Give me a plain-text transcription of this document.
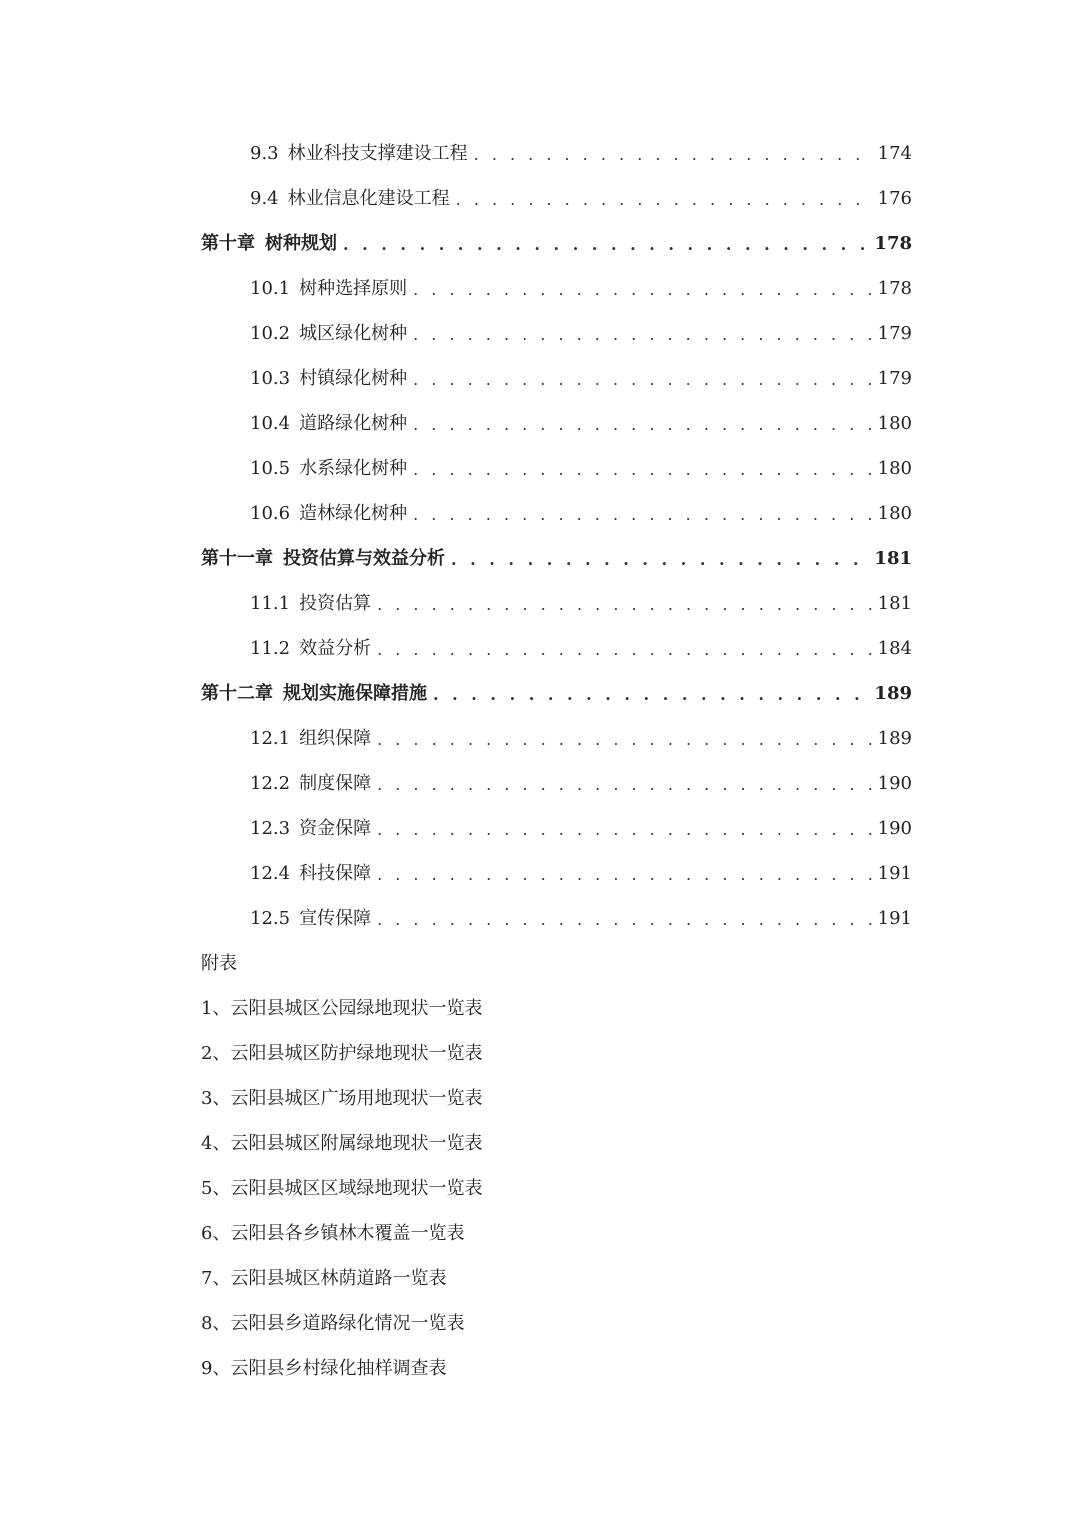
9.3 林业科技支撑建设工程 . . .	174
9.4 林业信息化建设工程 . . .	176
第十章 树种规划 . . .	178
10.1 树种选择原则 . . .	178
10.2 城区绿化树种 . . .	179
10.3 村镇绿化树种 . . .	179
10.4 道路绿化树种 . . .	180
10.5 水系绿化树种 . . .	180
10.6 造林绿化树种 . . .	180
第十一章 投资估算与效益分析 . . .	181
11.1 投资估算 . . .	181
11.2 效益分析 . . .	184
第十二章 规划实施保障措施 . . .	189
12.1 组织保障 . . .	189
12.2 制度保障 . . .	190
12.3 资金保障 . . .	190
12.4 科技保障 . . .	191
12.5 宣传保障 . . .	191
附表
1、云阳县城区公园绿地现状一览表
2、云阳县城区防护绿地现状一览表
3、云阳县城区广场用地现状一览表
4、云阳县城区附属绿地现状一览表
5、云阳县城区区域绿地现状一览表
6、云阳县各乡镇林木覆盖一览表
7、云阳县城区林荫道路一览表
8、云阳县乡道路绿化情况一览表
9、云阳县乡村绿化抽样调查表
